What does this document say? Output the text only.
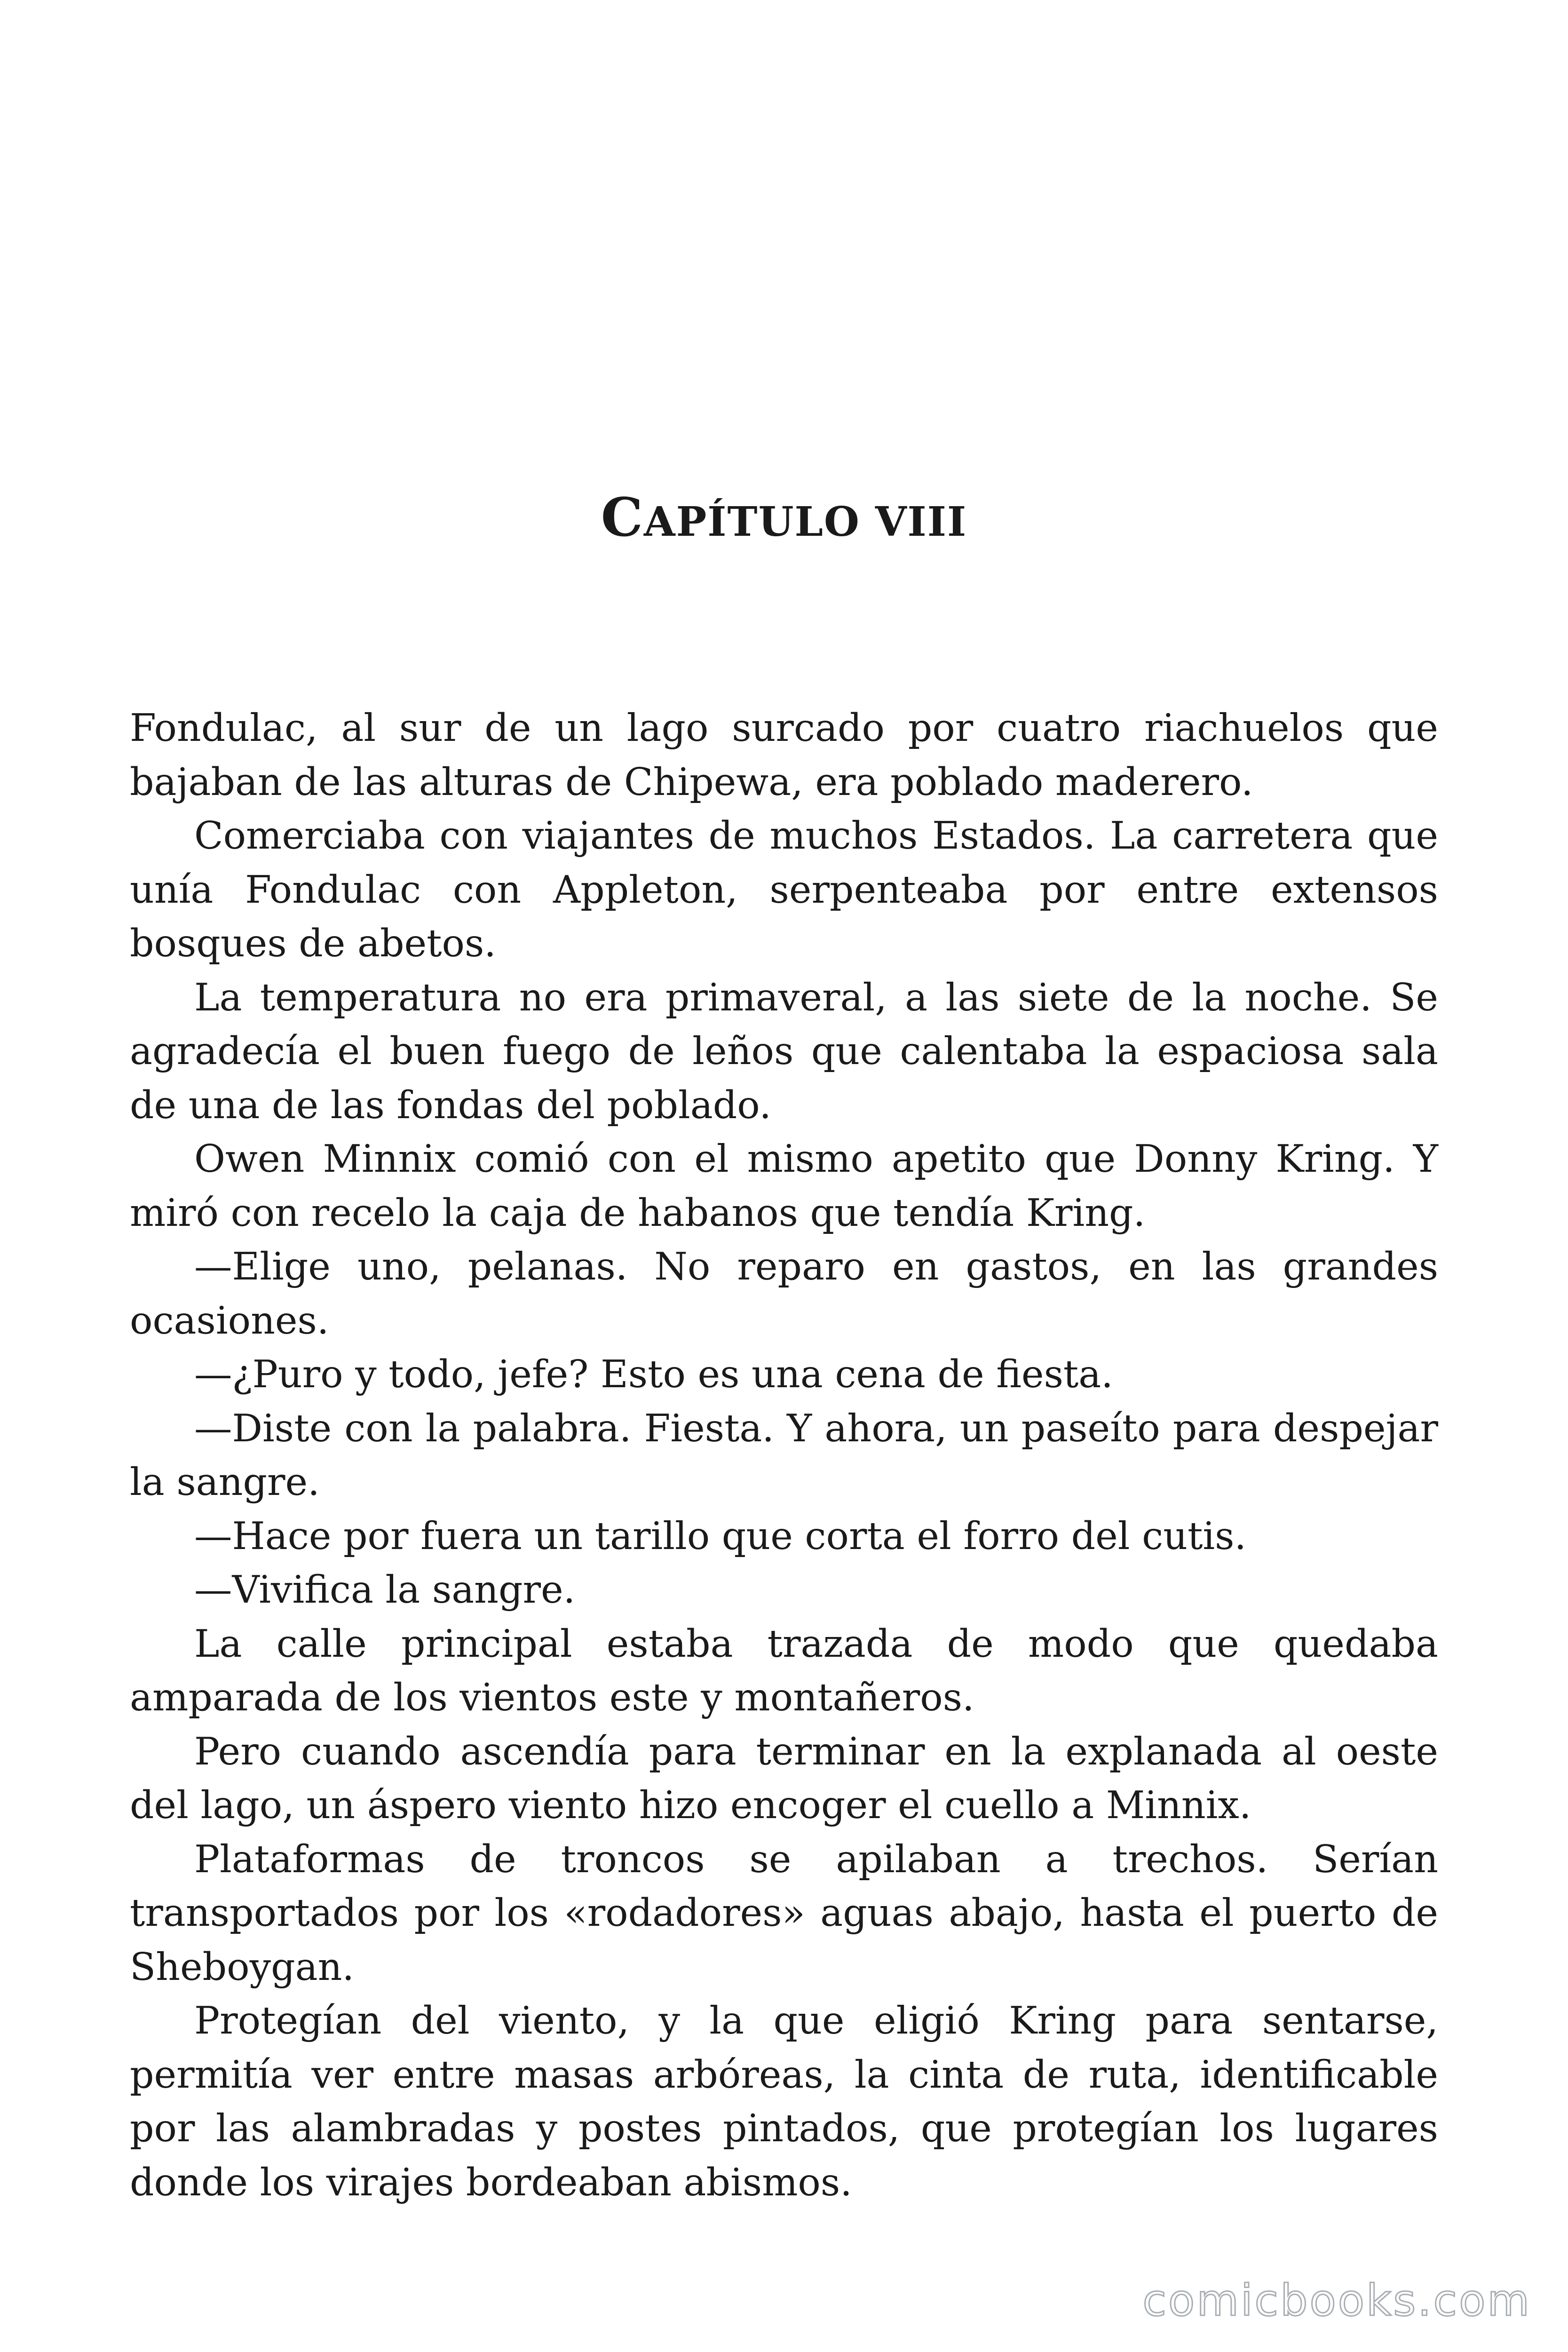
CAPÍTULO VIII

Fondulac, al sur de un lago surcado por cuatro riachuelos que bajaban de las alturas de Chipewa, era poblado maderero.

Comerciaba con viajantes de muchos Estados. La carretera que unía Fondulac con Appleton, serpenteaba por entre extensos bosques de abetos.

La temperatura no era primaveral, a las siete de la noche. Se agradecía el buen fuego de leños que calentaba la espaciosa sala de una de las fondas del poblado.

Owen Minnix comió con el mismo apetito que Donny Kring. Y miró con recelo la caja de habanos que tendía Kring.

—Elige uno, pelanas. No reparo en gastos, en las grandes ocasiones.

—¿Puro y todo, jefe? Esto es una cena de fiesta.

—Diste con la palabra. Fiesta. Y ahora, un paseíto para despejar la sangre.

—Hace por fuera un tarillo que corta el forro del cutis.

—Vivifica la sangre.

La calle principal estaba trazada de modo que quedaba amparada de los vientos este y montañeros.

Pero cuando ascendía para terminar en la explanada al oeste del lago, un áspero viento hizo encoger el cuello a Minnix.

Plataformas de troncos se apilaban a trechos. Serían transportados por los «rodadores» aguas abajo, hasta el puerto de Sheboygan.

Protegían del viento, y la que eligió Kring para sentarse, permitía ver entre masas arbóreas, la cinta de ruta, identificable por las alambradas y postes pintados, que protegían los lugares donde los virajes bordeaban abismos.

comicbooks.com
